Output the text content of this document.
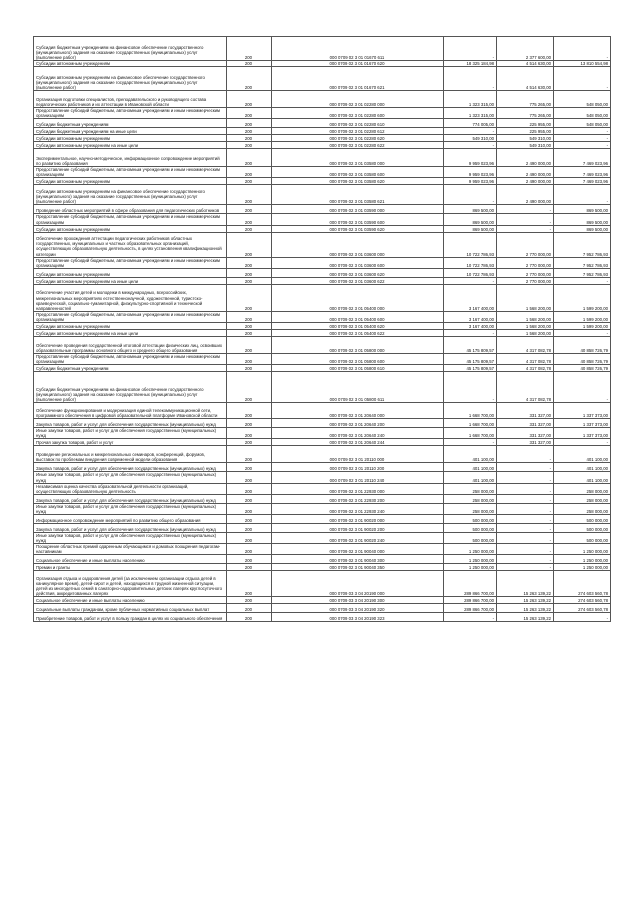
Субсидия бюджетным учреждениям на финансовое обеспечение государственного (муниципального) задания на оказание государственных (муниципальных) услуг (выполнение работ)	200	000 0709 02 3 01 01670 611	-	2 377 600,00	-
Субсидии автономным учреждениям	200	000 0709 02 3 01 01670 620	18 325 184,98	4 514 630,00	13 810 554,98
Субсидии автономным учреждениям на финансовое обеспечение государственного (муниципального) задания на оказание государственных (муниципальных) услуг (выполнение работ)	200	000 0709 02 3 01 01670 621	-	4 514 630,00	-
Организация подготовки специалистов, преподавательского и руководящего состава педагогических работников и их аттестации в Ивановской области	200	000 0709 02 3 01 02280 000	1 323 315,00	775 265,00	548 050,00
Предоставление субсидий бюджетным, автономным учреждениям и иным некоммерческим организациям	200	000 0709 02 3 01 02280 600	1 323 315,00	775 265,00	548 050,00
Субсидии бюджетным учреждениям	200	000 0709 02 3 01 02280 610	774 005,00	225 955,00	548 050,00
Субсидии бюджетным учреждениям на иные цели	200	000 0709 02 3 01 02280 612	-	225 955,00	-
Субсидии автономным учреждениям	200	000 0709 02 3 01 02280 620	549 310,00	549 310,00	-
Субсидии автономным учреждениям на иные цели	200	000 0709 02 3 01 02280 622	-	549 310,00	-
Экспериментальное, научно-методическое, информационное сопровождение мероприятий по развитию образования	200	000 0709 02 3 01 03580 000	9 959 023,96	2 490 000,00	7 469 023,96
Предоставление субсидий бюджетным, автономным учреждениям и иным некоммерческим организациям	200	000 0709 02 3 01 03580 600	9 959 023,96	2 490 000,00	7 469 023,96
Субсидии автономным учреждениям	200	000 0709 02 3 01 03580 620	9 959 023,96	2 490 000,00	7 469 023,96
Субсидии автономным учреждениям на финансовое обеспечение государственного (муниципального) задания на оказание государственных (муниципальных) услуг (выполнение работ)	200	000 0709 02 3 01 03580 621	-	2 490 000,00	-
Проведение областных мероприятий в сфере образования для педагогических работников	200	000 0709 02 3 01 03590 000	869 500,00	-	869 500,00
Предоставление субсидий бюджетным, автономным учреждениям и иным некоммерческим организациям	200	000 0709 02 3 01 03590 600	869 500,00	-	869 500,00
Субсидии автономным учреждениям	200	000 0709 02 3 01 03590 620	869 500,00	-	869 500,00
Обеспечение прохождения аттестации педагогических работников областных государственных, муниципальных и частных образовательных организаций, осуществляющих образовательную деятельность, в целях установления квалификационной категории	200	000 0709 02 3 01 03600 000	10 722 786,93	2 770 000,00	7 952 786,93
Предоставление субсидий бюджетным, автономным учреждениям и иным некоммерческим организациям	200	000 0709 02 3 01 03600 600	10 722 786,93	2 770 000,00	7 952 786,93
Субсидии автономным учреждениям	200	000 0709 02 3 01 03600 620	10 722 786,93	2 770 000,00	7 952 786,93
Субсидии автономным учреждениям на иные цели	200	000 0709 02 3 01 03600 622	-	2 770 000,00	-
Обеспечение участия детей и молодежи в международных, всероссийских, межрегиональных мероприятиях естественнонаучной, художественной, туристско-краеведческой, социально-гуманитарной, физкультурно-спортивной и технической направленностей	200	000 0709 02 3 01 05400 000	3 167 400,00	1 568 200,00	1 599 200,00
Предоставление субсидий бюджетным, автономным учреждениям и иным некоммерческим организациям	200	000 0709 02 3 01 05400 600	3 167 400,00	1 568 200,00	1 599 200,00
Субсидии автономным учреждениям	200	000 0709 02 3 01 05400 620	3 167 400,00	1 568 200,00	1 599 200,00
Субсидии автономным учреждениям на иные цели	200	000 0709 02 3 01 05400 622	-	1 568 200,00	-
Обеспечение проведения государственной итоговой аттестации физических лиц, освоивших образовательные программы основного общего и среднего общего образования	200	000 0709 02 3 01 05800 000	45 175 809,57	4 317 082,78	40 858 726,79
Предоставление субсидий бюджетным, автономным учреждениям и иным некоммерческим организациям	200	000 0709 02 3 01 05800 600	45 175 809,57	4 317 082,78	40 858 726,79
Субсидии бюджетным учреждениям	200	000 0709 02 3 01 05800 610	45 175 809,57	4 317 082,78	40 858 726,79
Субсидии бюджетным учреждениям на финансовое обеспечение государственного (муниципального) задания на оказание государственных (муниципальных) услуг (выполнение работ)	200	000 0709 02 3 01 05800 611	-	4 317 082,78	-
Обеспечение функционирования и модернизация единой телекоммуникационной сети, программного обеспечения в цифровой образовательной платформе Ивановской области	200	000 0709 02 3 01 20640 000	1 668 700,00	331 327,00	1 337 373,00
Закупка товаров, работ и услуг для обеспечения государственных (муниципальных) нужд	200	000 0709 02 3 01 20640 200	1 668 700,00	331 327,00	1 337 373,00
Иные закупки товаров, работ и услуг для обеспечения государственных (муниципальных) нужд	200	000 0709 02 3 01 20640 240	1 668 700,00	331 327,00	1 337 373,00
Прочая закупка товаров, работ и услуг	200	000 0709 02 3 01 20640 244	-	331 327,00	-
Проведение региональных и межрегиональных семинаров, конференций, форумов, выставок по проблемам внедрения современной модели образования	200	000 0709 02 3 01 20110 000	401 100,00	-	401 100,00
Закупка товаров, работ и услуг для обеспечения государственных (муниципальных) нужд	200	000 0709 02 3 01 20110 200	401 100,00	-	401 100,00
Иные закупки товаров, работ и услуг для обеспечения государственных (муниципальных) нужд	200	000 0709 02 3 01 20110 240	401 100,00	-	401 100,00
Независимая оценка качества образовательной деятельности организаций, осуществляющих образовательную деятельность	200	000 0709 02 3 01 22930 000	258 000,00	-	258 000,00
Закупка товаров, работ и услуг для обеспечения государственных (муниципальных) нужд	200	000 0709 02 3 01 22930 200	258 000,00	-	258 000,00
Иные закупки товаров, работ и услуг для обеспечения государственных (муниципальных) нужд	200	000 0709 02 3 01 22930 240	258 000,00	-	258 000,00
Информационное сопровождение мероприятий по развитию общего образования	200	000 0709 02 3 01 90020 000	500 000,00	-	500 000,00
Закупка товаров, работ и услуг для обеспечения государственных (муниципальных) нужд	200	000 0709 02 3 01 90020 200	500 000,00	-	500 000,00
Иные закупки товаров, работ и услуг для обеспечения государственных (муниципальных) нужд	200	000 0709 02 3 01 90020 240	500 000,00	-	500 000,00
Поощрение областных премий одаренным обучающимся и домовых поощрения педагогам-наставникам	200	000 0709 02 3 01 90040 000	1 250 000,00	-	1 250 000,00
Социальное обеспечение и иные выплаты населению	200	000 0709 02 3 01 90040 300	1 250 000,00	-	1 250 000,00
Премии и гранты	200	000 0709 02 3 01 90040 350	1 250 000,00	-	1 250 000,00
Организация отдыха и оздоровления детей (за исключением организации отдыха детей в каникулярное время), детей-сирот и детей, находящихся в трудной жизненной ситуации, детей из многодетных семей в санаторно-оздоровительных детских лагерях круглосуточного действия, аккредитованных лагерях	200	000 0709 03 3 04 20190 000	289 866 700,00	15 263 139,22	274 603 560,78
Социальное обеспечение и иные выплаты населению	200	000 0709 03 3 04 20190 300	289 866 700,00	15 263 139,22	274 603 560,78
Социальные выплаты гражданам, кроме публичных нормативных социальных выплат	200	000 0709 03 3 04 20190 320	289 866 700,00	15 263 139,22	274 603 560,78
Приобретение товаров, работ и услуг в пользу граждан в целях их социального обеспечения	200	000 0709 03 3 04 20190 323	-	15 263 139,22	-
